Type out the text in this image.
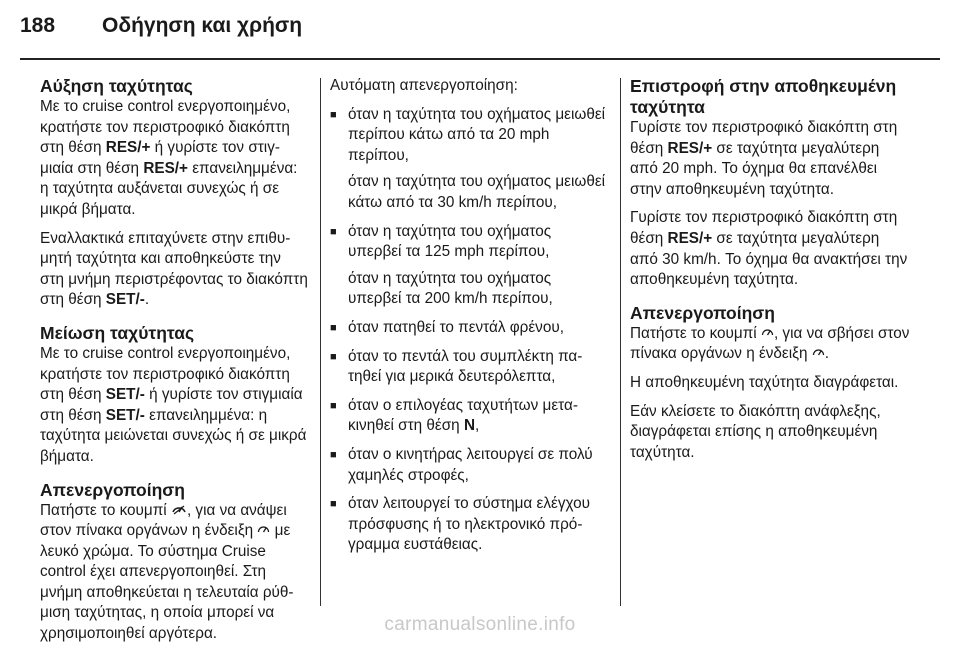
188	Οδήγηση και χρήση
Αύξηση ταχύτητας

Με το cruise control ενεργοποιημένο, κρατήστε τον περιστροφικό διακόπτη στη θέση RES/+ ή γυρίστε τον στιγμιαία στη θέση RES/+ επανειλημμένα: η ταχύτητα αυξάνεται συνεχώς ή σε μικρά βήματα.

Εναλλακτικά επιταχύνετε στην επιθυμητή ταχύτητα και αποθηκεύστε την στη μνήμη περιστρέφοντας το διακόπτη στη θέση SET/-.

Μείωση ταχύτητας

Με το cruise control ενεργοποιημένο, κρατήστε τον περιστροφικό διακόπτη στη θέση SET/- ή γυρίστε τον στιγμιαία στη θέση SET/- επανειλημμένα: η ταχύτητα μειώνεται συνεχώς ή σε μικρά βήματα.

Απενεργοποίηση

Πατήστε το κουμπί , για να ανάψει στον πίνακα οργάνων η ένδειξη  με λευκό χρώμα. Το σύστημα Cruise control έχει απενεργοποιηθεί. Στη μνήμη αποθηκεύεται η τελευταία ρύθμιση ταχύτητας, η οποία μπορεί να χρησιμοποιηθεί αργότερα.

Αυτόματη απενεργοποίηση:

■ όταν η ταχύτητα του οχήματος μειωθεί περίπου κάτω από τα 20 mph περίπου,

όταν η ταχύτητα του οχήματος μειωθεί κάτω από τα 30 km/h περίπου,

■ όταν η ταχύτητα του οχήματος υπερβεί τα 125 mph περίπου,

όταν η ταχύτητα του οχήματος υπερβεί τα 200 km/h περίπου,

■ όταν πατηθεί το πεντάλ φρένου,
■ όταν το πεντάλ του συμπλέκτη πατηθεί για μερικά δευτερόλεπτα,
■ όταν ο επιλογέας ταχυτήτων μετακινηθεί στη θέση N,
■ όταν ο κινητήρας λειτουργεί σε πολύ χαμηλές στροφές,
■ όταν λειτουργεί το σύστημα ελέγχου πρόσφυσης ή το ηλεκτρονικό πρόγραμμα ευστάθειας.
Επιστροφή στην αποθηκευμένη ταχύτητα

Γυρίστε τον περιστροφικό διακόπτη στη θέση RES/+ σε ταχύτητα μεγαλύτερη από 20 mph. Το όχημα θα επανέλθει στην αποθηκευμένη ταχύτητα.

Γυρίστε τον περιστροφικό διακόπτη στη θέση RES/+ σε ταχύτητα μεγαλύτερη από 30 km/h. Το όχημα θα ανακτήσει την αποθηκευμένη ταχύτητα.

Απενεργοποίηση

Πατήστε το κουμπί , για να σβήσει στον πίνακα οργάνων η ένδειξη .

Η αποθηκευμένη ταχύτητα διαγράφεται.

Εάν κλείσετε το διακόπτη ανάφλεξης, διαγράφεται επίσης η αποθηκευμένη ταχύτητα.

carmanualsonline.info
